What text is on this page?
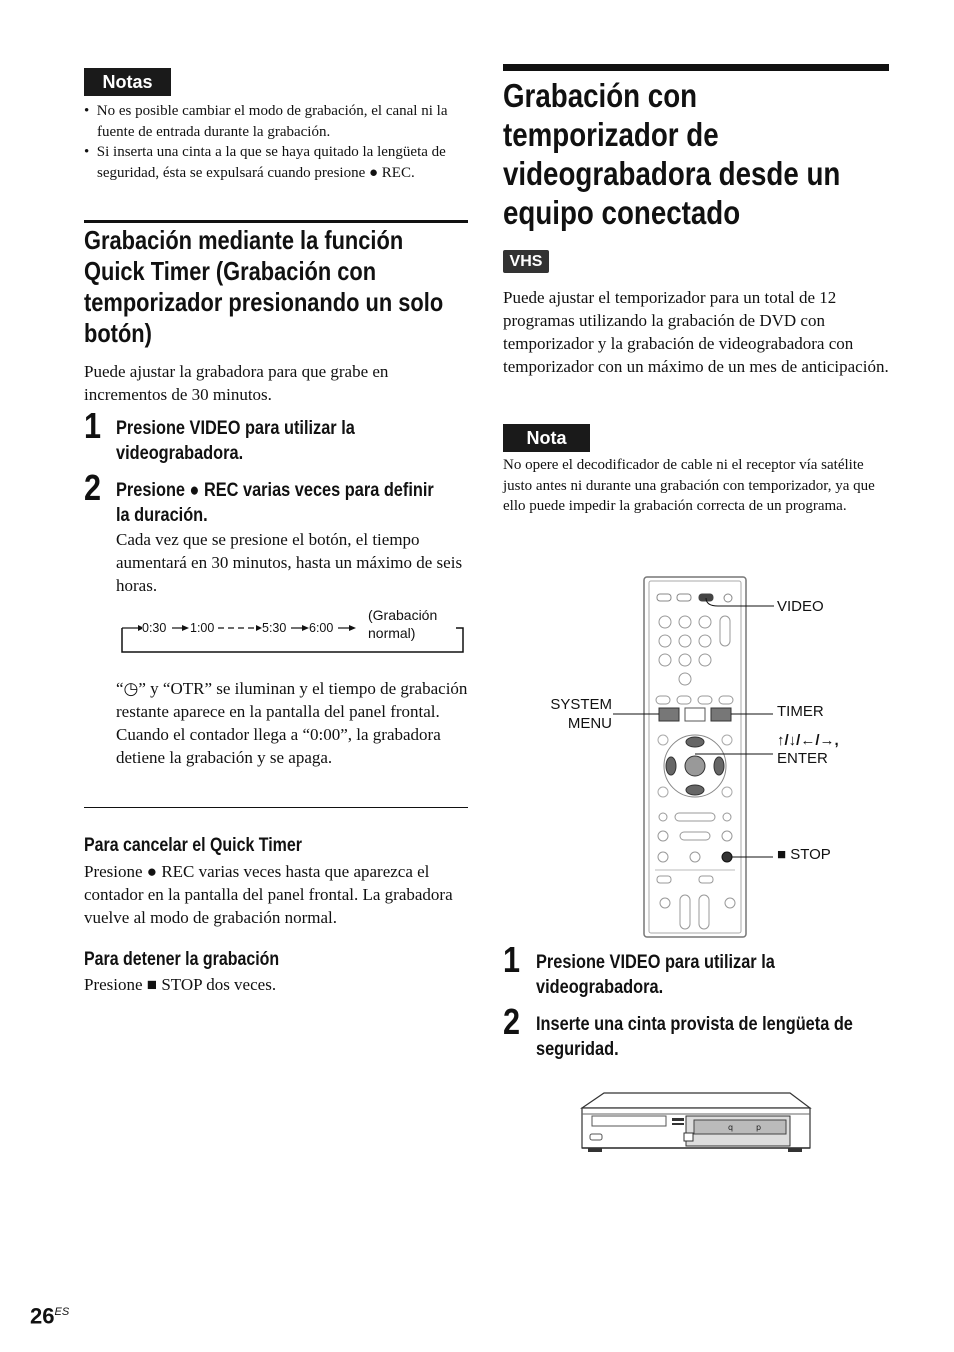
Notas
•  No es posible cambiar el modo de grabación, el canal ni la fuente de entrada durante la grabación.
•  Si inserta una cinta a la que se haya quitado la lengüeta de seguridad, ésta se expulsará cuando presione ● REC.
Grabación mediante la función
Quick Timer (Grabación con
temporizador presionando un solo
botón)
Puede ajustar la grabadora para que grabe en incrementos de 30 minutos.
1 Presione VIDEO para utilizar la
videograbadora.
2 Presione ● REC varias veces para definir
la duración.
Cada vez que se presione el botón, el tiempo aumentará en 30 minutos, hasta un máximo de seis horas.
0:30 1:00	5:30 6:00
(Grabación
normal)
“◷” y “OTR” se iluminan y el tiempo de grabación restante aparece en la pantalla del panel frontal.
Cuando el contador llega a “0:00”, la grabadora detiene la grabación y se apaga.
Para cancelar el Quick Timer
Presione ● REC varias veces hasta que aparezca el contador en la pantalla del panel frontal. La grabadora vuelve al modo de grabación normal.
Para detener la grabación
Presione ■ STOP dos veces.
Grabación con
temporizador de
videograbadora desde un
equipo conectado
VHS
Puede ajustar el temporizador para un total de 12 programas utilizando la grabación de DVD con temporizador y la grabación de videograbadora con temporizador con un máximo de un mes de anticipación.
Nota
No opere el decodificador de cable ni el receptor vía satélite justo antes ni durante una grabación con temporizador, ya que ello puede impedir la grabación correcta de un programa.
VIDEO
SYSTEM
MENU
TIMER
↑/↓/←/→,
ENTER
■ STOP
1 Presione VIDEO para utilizar la
videograbadora.
2 Inserte una cinta provista de lengüeta de
seguridad.
q	p
$26^{ES}$
